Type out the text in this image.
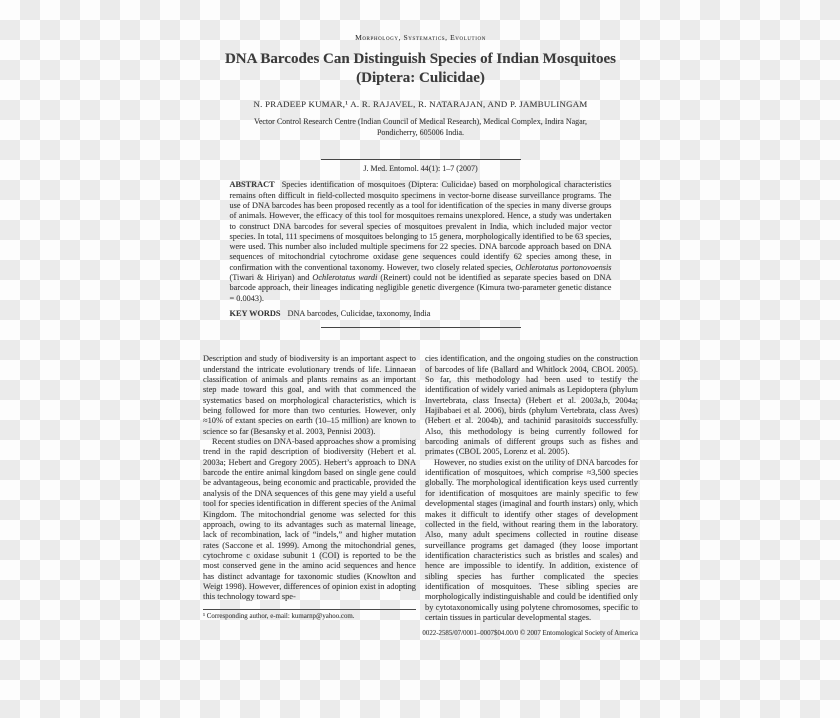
Morphology, Systematics, Evolution
DNA Barcodes Can Distinguish Species of Indian Mosquitoes
(Diptera: Culicidae)
N. PRADEEP KUMAR,¹ A. R. RAJAVEL, R. NATARAJAN, AND P. JAMBULINGAM
Vector Control Research Centre (Indian Council of Medical Research), Medical Complex, Indira Nagar, Pondicherry, 605006 India.
J. Med. Entomol. 44(1): 1–7 (2007)

ABSTRACT Species identification of mosquitoes (Diptera: Culicidae) based on morphological characteristics remains often difficult in field-collected mosquito specimens in vector-borne disease surveillance programs. The use of DNA barcodes has been proposed recently as a tool for identification of the species in many diverse groups of animals. However, the efficacy of this tool for mosquitoes remains unexplored. Hence, a study was undertaken to construct DNA barcodes for several species of mosquitoes prevalent in India, which included major vector species. In total, 111 specimens of mosquitoes belonging to 15 genera, morphologically identified to be 63 species, were used. This number also included multiple specimens for 22 species. DNA barcode approach based on DNA sequences of mitochondrial cytochrome oxidase gene sequences could identify 62 species among these, in confirmation with the conventional taxonomy. However, two closely related species, Ochlerotatus portonovoensis (Tiwari & Hiriyan) and Ochlerotatus wardi (Reinert) could not be identified as separate species based on DNA barcode approach, their lineages indicating negligible genetic divergence (Kimura two-parameter genetic distance = 0.0043).

KEY WORDS DNA barcodes, Culicidae, taxonomy, India

Description and study of biodiversity is an important aspect to understand the intricate evolutionary trends of life. Linnaean classification of animals and plants remains as an important step made toward this goal, and with that commenced the systematics based on morphological characteristics, which is being followed for more than two centuries. However, only ≈10% of extant species on earth (10–15 million) are known to science so far (Besansky et al. 2003, Pennisi 2003).

Recent studies on DNA-based approaches show a promising trend in the rapid description of biodiversity (Hebert et al. 2003a; Hebert and Gregory 2005). Hebert’s approach to DNA barcode the entire animal kingdom based on single gene could be advantageous, being economic and practicable, provided the analysis of the DNA sequences of this gene may yield a useful tool for species identification in different species of the Animal Kingdom. The mitochondrial genome was selected for this approach, owing to its advantages such as maternal lineage, lack of recombination, lack of “indels,” and higher mutation rates (Saccone et al. 1999). Among the mitochondrial genes, cytochrome c oxidase subunit 1 (COI) is reported to be the most conserved gene in the amino acid sequences and hence has distinct advantage for taxonomic studies (Knowlton and Weigt 1998). However, differences of opinion exist in adopting this technology toward spe-

¹ Corresponding author, e-mail: kumarnp@yahoo.com.

cies identification, and the ongoing studies on the construction of barcodes of life (Ballard and Whitlock 2004, CBOL 2005). So far, this methodology had been used to testify the identification of widely varied animals as Lepidoptera (phylum Invertebrata, class Insecta) (Hebert et al. 2003a,b, 2004a; Hajibabaei et al. 2006), birds (phylum Vertebrata, class Aves) (Hebert et al. 2004b), and tachinid parasitoids successfully. Also, this methodology is being currently followed for barcoding animals of different groups such as fishes and primates (CBOL 2005, Lorenz et al. 2005).

However, no studies exist on the utility of DNA barcodes for identification of mosquitoes, which comprise ≈3,500 species globally. The morphological identification keys used currently for identification of mosquitoes are mainly specific to few developmental stages (imaginal and fourth instars) only, which makes it difficult to identify other stages of development collected in the field, without rearing them in the laboratory. Also, many adult specimens collected in routine disease surveillance programs get damaged (they loose important identification characteristics such as bristles and scales) and hence are impossible to identify. In addition, existence of sibling species has further complicated the species identification of mosquitoes. These sibling species are morphologically indistinguishable and could be identified only by cytotaxonomically using polytene chromosomes, specific to certain tissues in particular developmental stages.

0022-2585/07/0001–0007$04.00/0 © 2007 Entomological Society of America
